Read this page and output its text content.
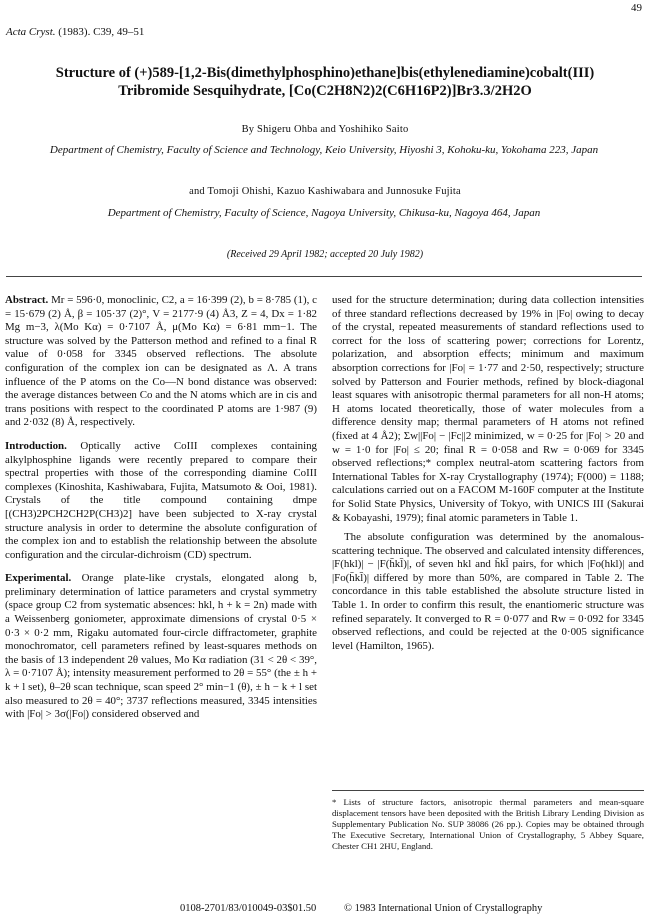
49
Acta Cryst. (1983). C39, 49–51
Structure of (+)589-[1,2-Bis(dimethylphosphino)ethane]bis(ethylenediamine)cobalt(III)
Tribromide Sesquihydrate, [Co(C2H8N2)2(C6H16P2)]Br3.3/2H2O
By Shigeru Ohba and Yoshihiko Saito
Department of Chemistry, Faculty of Science and Technology, Keio University, Hiyoshi 3, Kohoku-ku, Yokohama 223, Japan
and Tomoji Ohishi, Kazuo Kashiwabara and Junnosuke Fujita
Department of Chemistry, Faculty of Science, Nagoya University, Chikusa-ku, Nagoya 464, Japan
(Received 29 April 1982; accepted 20 July 1982)

Abstract. Mr = 596·0, monoclinic, C2, a = 16·399 (2), b = 8·785 (1), c = 15·679 (2) Å, β = 105·37 (2)°, V = 2177·9 (4) Å3, Z = 4, Dx = 1·82 Mg m−3, λ(Mo Kα) = 0·7107 Å, μ(Mo Kα) = 6·81 mm−1. The structure was solved by the Patterson method and refined to a final R value of 0·058 for 3345 observed reflections. The absolute configuration of the complex ion can be designated as Λ. A trans influence of the P atoms on the Co—N bond distance was observed: the average distances between Co and the N atoms which are in cis and trans positions with respect to the coordinated P atoms are 1·987 (9) and 2·032 (8) Å, respectively.

Introduction. Optically active CoIII complexes containing alkylphosphine ligands were recently prepared to compare their spectral properties with those of the corresponding diamine CoIII complexes (Kinoshita, Kashiwabara, Fujita, Matsumoto & Ooi, 1981). Crystals of the title compound containing dmpe [(CH3)2PCH2CH2P(CH3)2] have been subjected to X-ray crystal structure analysis in order to determine the absolute configuration of the complex ion and to establish the relationship between the absolute configuration and the circular-dichroism (CD) spectrum.

Experimental. Orange plate-like crystals, elongated along b, preliminary determination of lattice parameters and crystal symmetry (space group C2 from systematic absences: hkl, h + k = 2n) made with a Weissenberg goniometer, approximate dimensions of crystal 0·5 × 0·3 × 0·2 mm, Rigaku automated four-circle diffractometer, graphite monochromator, cell parameters refined by least-squares methods on the basis of 13 independent 2θ values, Mo Kα radiation (31 < 2θ < 39°, λ = 0·7107 Å); intensity measurement performed to 2θ = 55° (the ± h + k + l set), θ–2θ scan technique, scan speed 2° min−1 (θ), ± h − k + l set also measured to 2θ = 40°; 3737 reflections measured, 3345 intensities with |Fo| > 3σ(|Fo|) considered observed and

used for the structure determination; during data collection intensities of three standard reflections decreased by 19% in |Fo| owing to decay of the crystal, repeated measurements of standard reflections used to correct for the loss of scattering power; corrections for Lorentz, polarization, and absorption effects; minimum and maximum absorption corrections for |Fo| = 1·77 and 2·50, respectively; structure solved by Patterson and Fourier methods, refined by block-diagonal least squares with anisotropic thermal parameters for all non-H atoms; H atoms located theoretically, those of water molecules from a difference density map; thermal parameters of H atoms not refined (fixed at 4 Å2); Σw||Fo| − |Fc||2 minimized, w = 0·25 for |Fo| > 20 and w = 1·0 for |Fo| ≤ 20; final R = 0·058 and Rw = 0·069 for 3345 observed reflections;* complex neutral-atom scattering factors from International Tables for X-ray Crystallography (1974); F(000) = 1188; calculations carried out on a FACOM M-160F computer at the Institute for Solid State Physics, University of Tokyo, with UNICS III (Sakurai & Kobayashi, 1979); final atomic parameters in Table 1.

The absolute configuration was determined by the anomalous-scattering technique. The observed and calculated intensity differences, |F(hkl)| − |F(h̄kl̄)|, of seven hkl and h̄kl̄ pairs, for which |Fo(hkl)| and |Fo(h̄kl̄)| differed by more than 50%, are compared in Table 2. The concordance in this table established the absolute structure listed in Table 1. In order to confirm this result, the enantiomeric structure was refined separately. It converged to R = 0·077 and Rw = 0·092 for 3345 observed reflections, and could be rejected at the 0·005 significance level (Hamilton, 1965).

* Lists of structure factors, anisotropic thermal parameters and mean-square displacement tensors have been deposited with the British Library Lending Division as Supplementary Publication No. SUP 38086 (26 pp.). Copies may be obtained through The Executive Secretary, International Union of Crystallography, 5 Abbey Square, Chester CH1 2HU, England.
0108-2701/83/010049-03$01.50	© 1983 International Union of Crystallography
